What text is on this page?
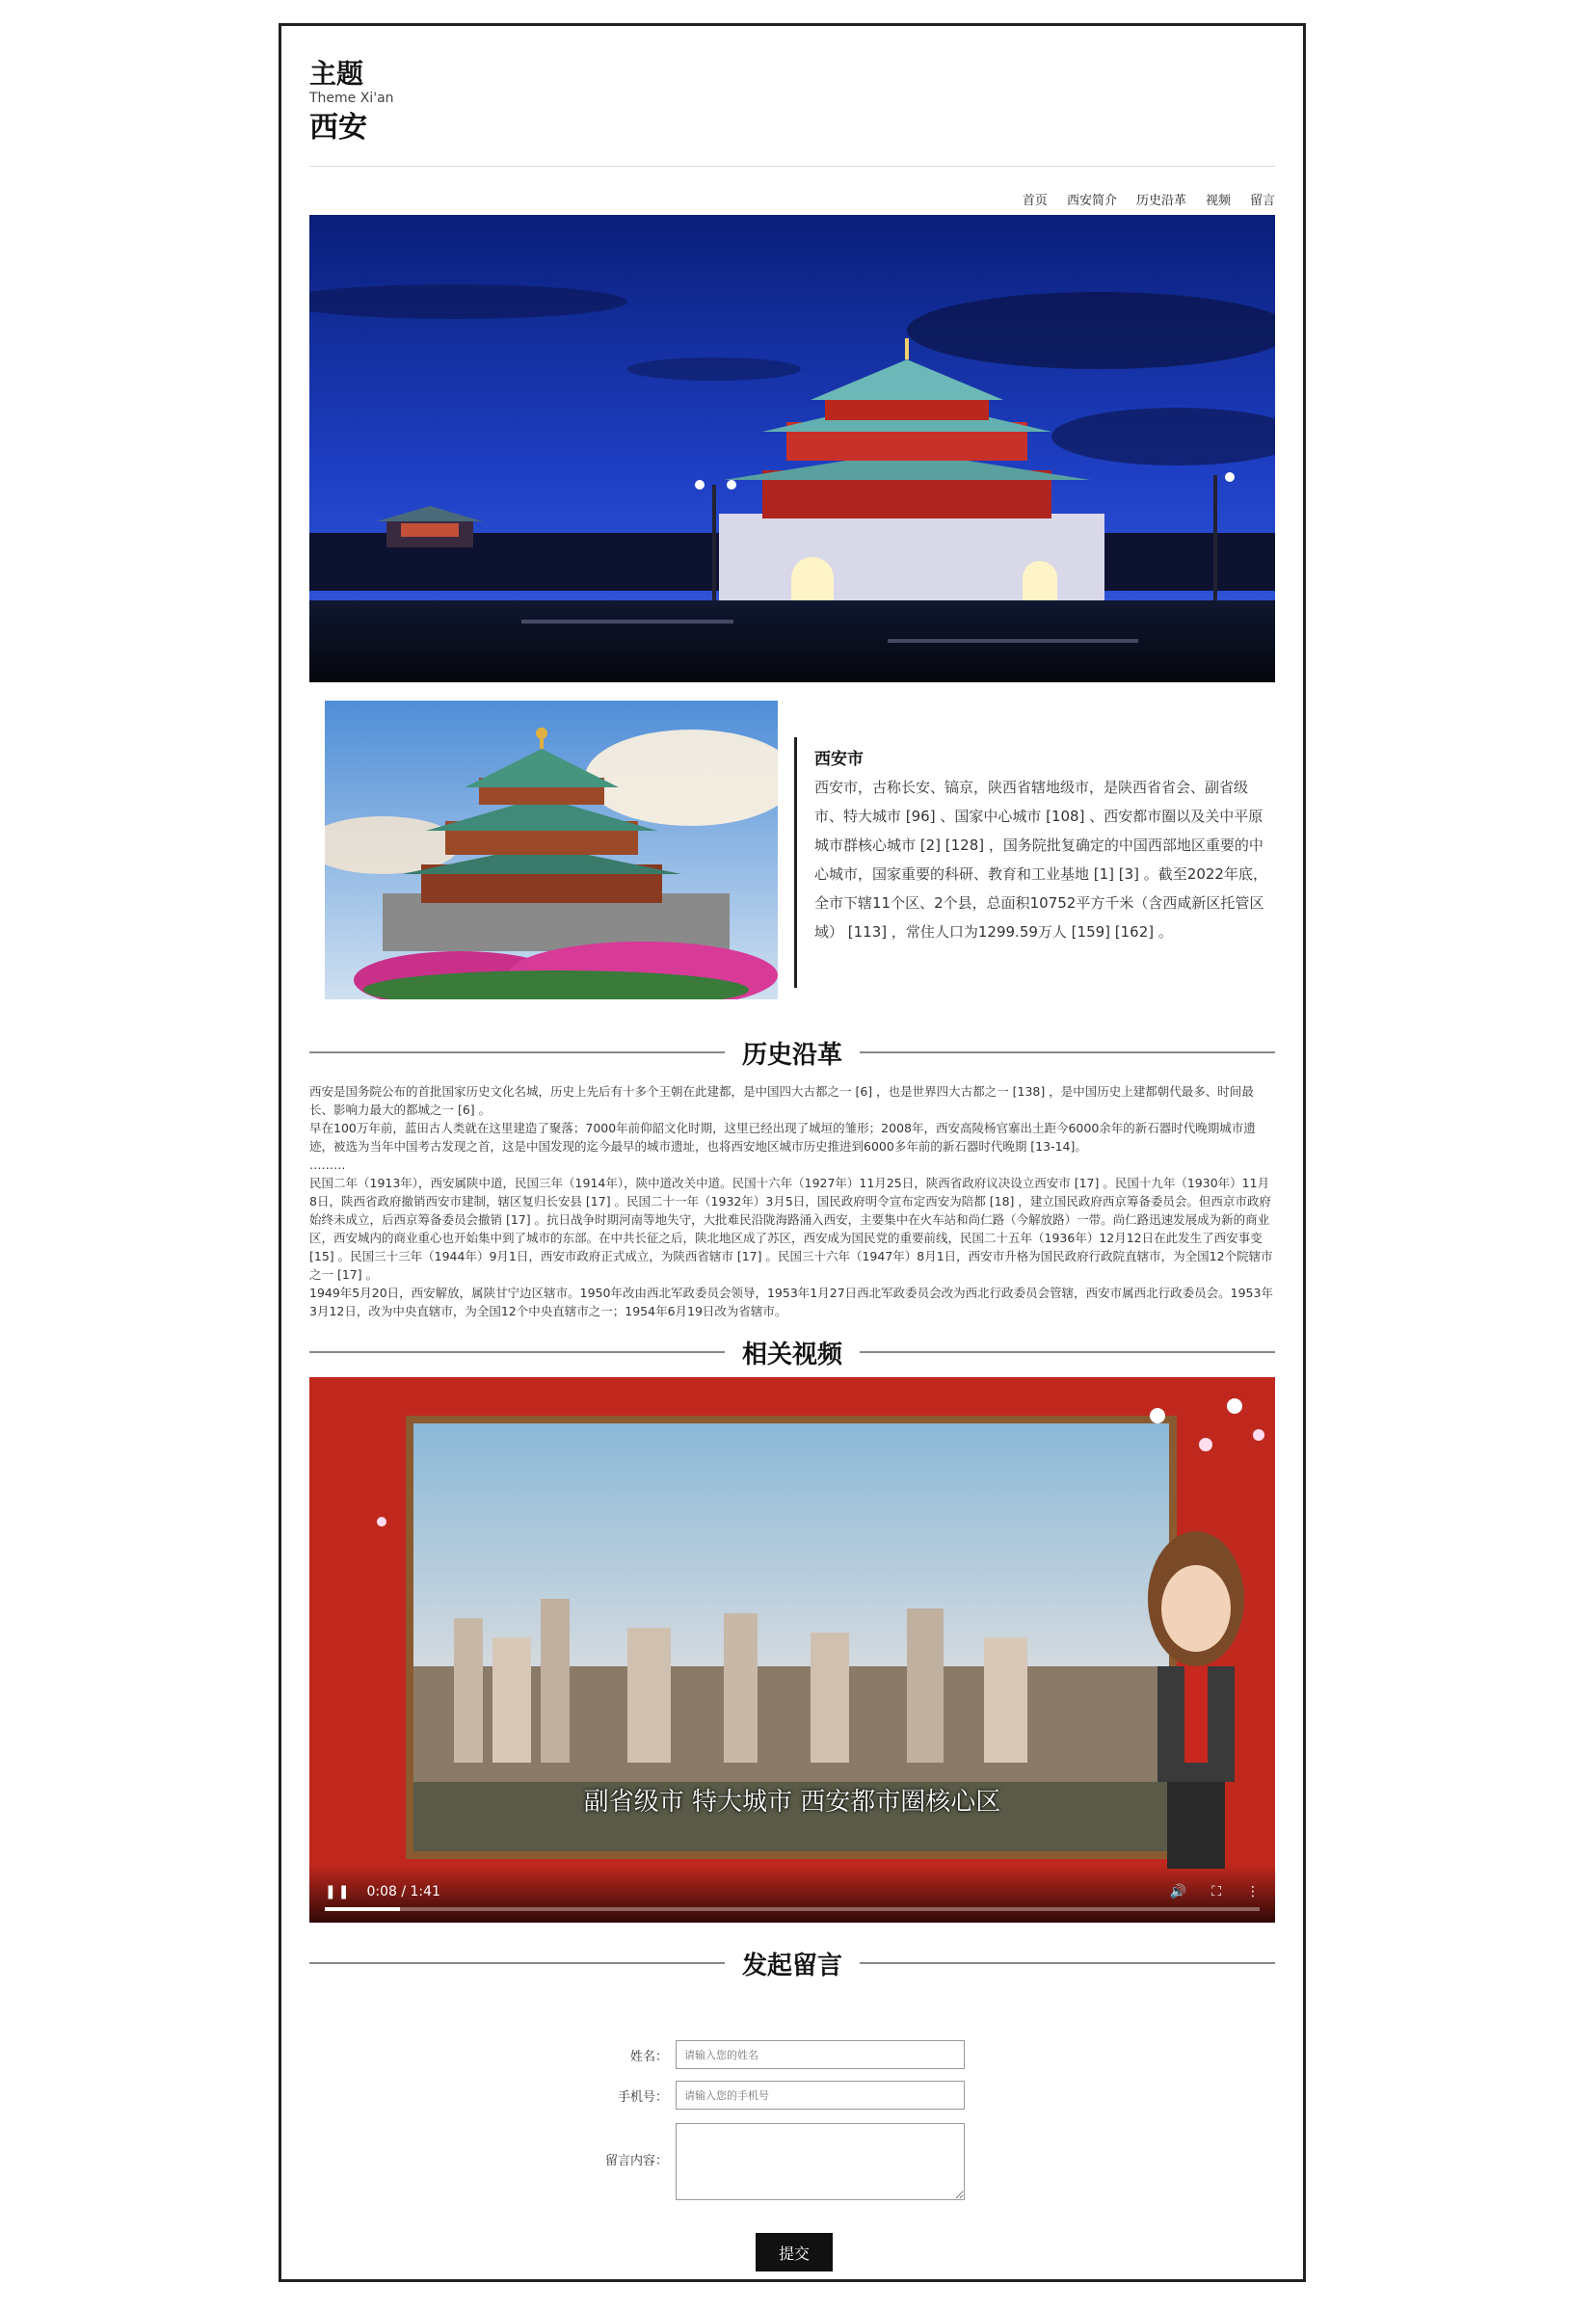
主题
Theme Xi'an
西安
首页 西安简介 历史沿革 视频 留言
西安市
西安市，古称长安、镐京，陕西省辖地级市，是陕西省省会、副省级市、特大城市 [96] 、国家中心城市 [108] 、西安都市圈以及关中平原城市群核心城市 [2] [128] ，国务院批复确定的中国西部地区重要的中心城市，国家重要的科研、教育和工业基地 [1] [3] 。截至2022年底，全市下辖11个区、2个县，总面积10752平方千米（含西咸新区托管区域） [113] ，常住人口为1299.59万人 [159] [162] 。
历史沿革

西安是国务院公布的首批国家历史文化名城，历史上先后有十多个王朝在此建都，是中国四大古都之一 [6] ，也是世界四大古都之一 [138] ，是中国历史上建都朝代最多、时间最长、影响力最大的都城之一 [6] 。

早在100万年前，蓝田古人类就在这里建造了聚落；7000年前仰韶文化时期，这里已经出现了城垣的雏形；2008年，西安高陵杨官寨出土距今6000余年的新石器时代晚期城市遗迹，被选为当年中国考古发现之首，这是中国发现的迄今最早的城市遗址，也将西安地区城市历史推进到6000多年前的新石器时代晚期 [13-14]。

………

民国二年（1913年），西安属陕中道，民国三年（1914年），陕中道改关中道。民国十六年（1927年）11月25日，陕西省政府议决设立西安市 [17] 。民国十九年（1930年）11月8日，陕西省政府撤销西安市建制，辖区复归长安县 [17] 。民国二十一年（1932年）3月5日，国民政府明令宣布定西安为陪都 [18] ，建立国民政府西京筹备委员会。但西京市政府始终未成立，后西京筹备委员会撤销 [17] 。抗日战争时期河南等地失守，大批难民沿陇海路涌入西安，主要集中在火车站和尚仁路（今解放路）一带。尚仁路迅速发展成为新的商业区，西安城内的商业重心也开始集中到了城市的东部。在中共长征之后，陕北地区成了苏区，西安成为国民党的重要前线，民国二十五年（1936年）12月12日在此发生了西安事变 [15] 。民国三十三年（1944年）9月1日，西安市政府正式成立，为陕西省辖市 [17] 。民国三十六年（1947年）8月1日，西安市升格为国民政府行政院直辖市，为全国12个院辖市之一 [17] 。

1949年5月20日，西安解放，属陕甘宁边区辖市。1950年改由西北军政委员会领导，1953年1月27日西北军政委员会改为西北行政委员会管辖，西安市属西北行政委员会。1953年3月12日，改为中央直辖市，为全国12个中央直辖市之一；1954年6月19日改为省辖市。

相关视频
副省级市 特大城市 西安都市圈核心区
❚❚ 0:08 / 1:41	🔊 ⛶ ⋮
发起留言
姓名：
请输入您的姓名
手机号：
请输入您的手机号
留言内容：
提交
